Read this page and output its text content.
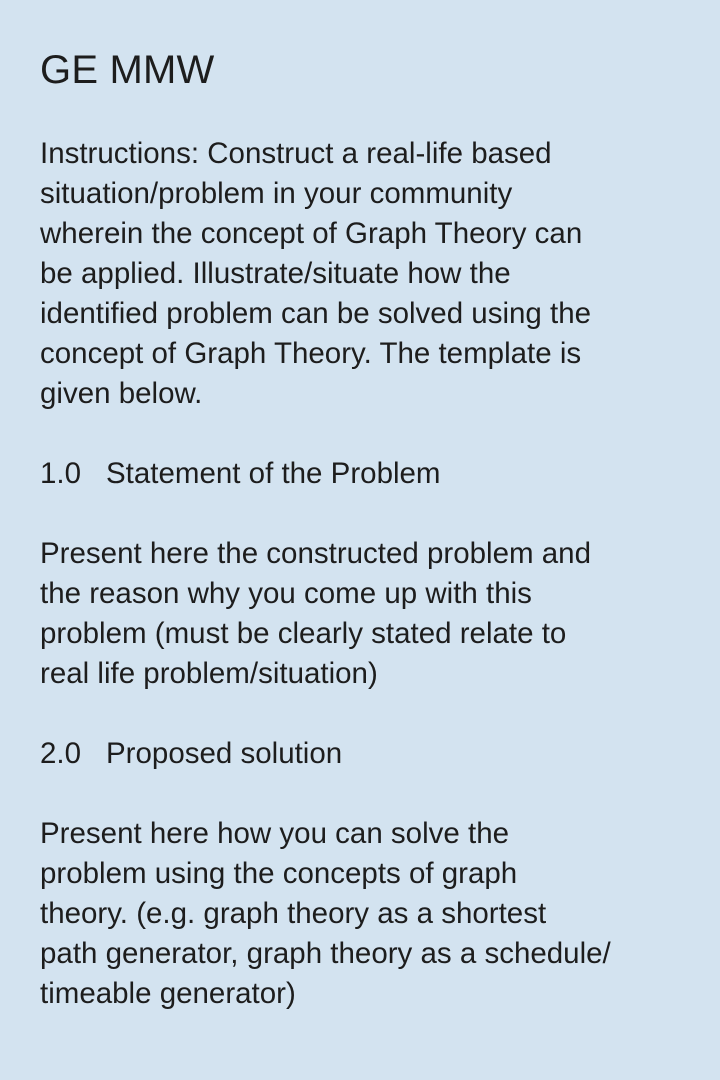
GE MMW

Instructions: Construct a real-life based
situation/problem in your community
wherein the concept of Graph Theory can
be applied. Illustrate/situate how the
identified problem can be solved using the
concept of Graph Theory. The template is
given below.

1.0 Statement of the Problem

Present here the constructed problem and
the reason why you come up with this
problem (must be clearly stated relate to
real life problem/situation)

2.0 Proposed solution

Present here how you can solve the
problem using the concepts of graph
theory. (e.g. graph theory as a shortest
path generator, graph theory as a schedule/
timeable generator)
